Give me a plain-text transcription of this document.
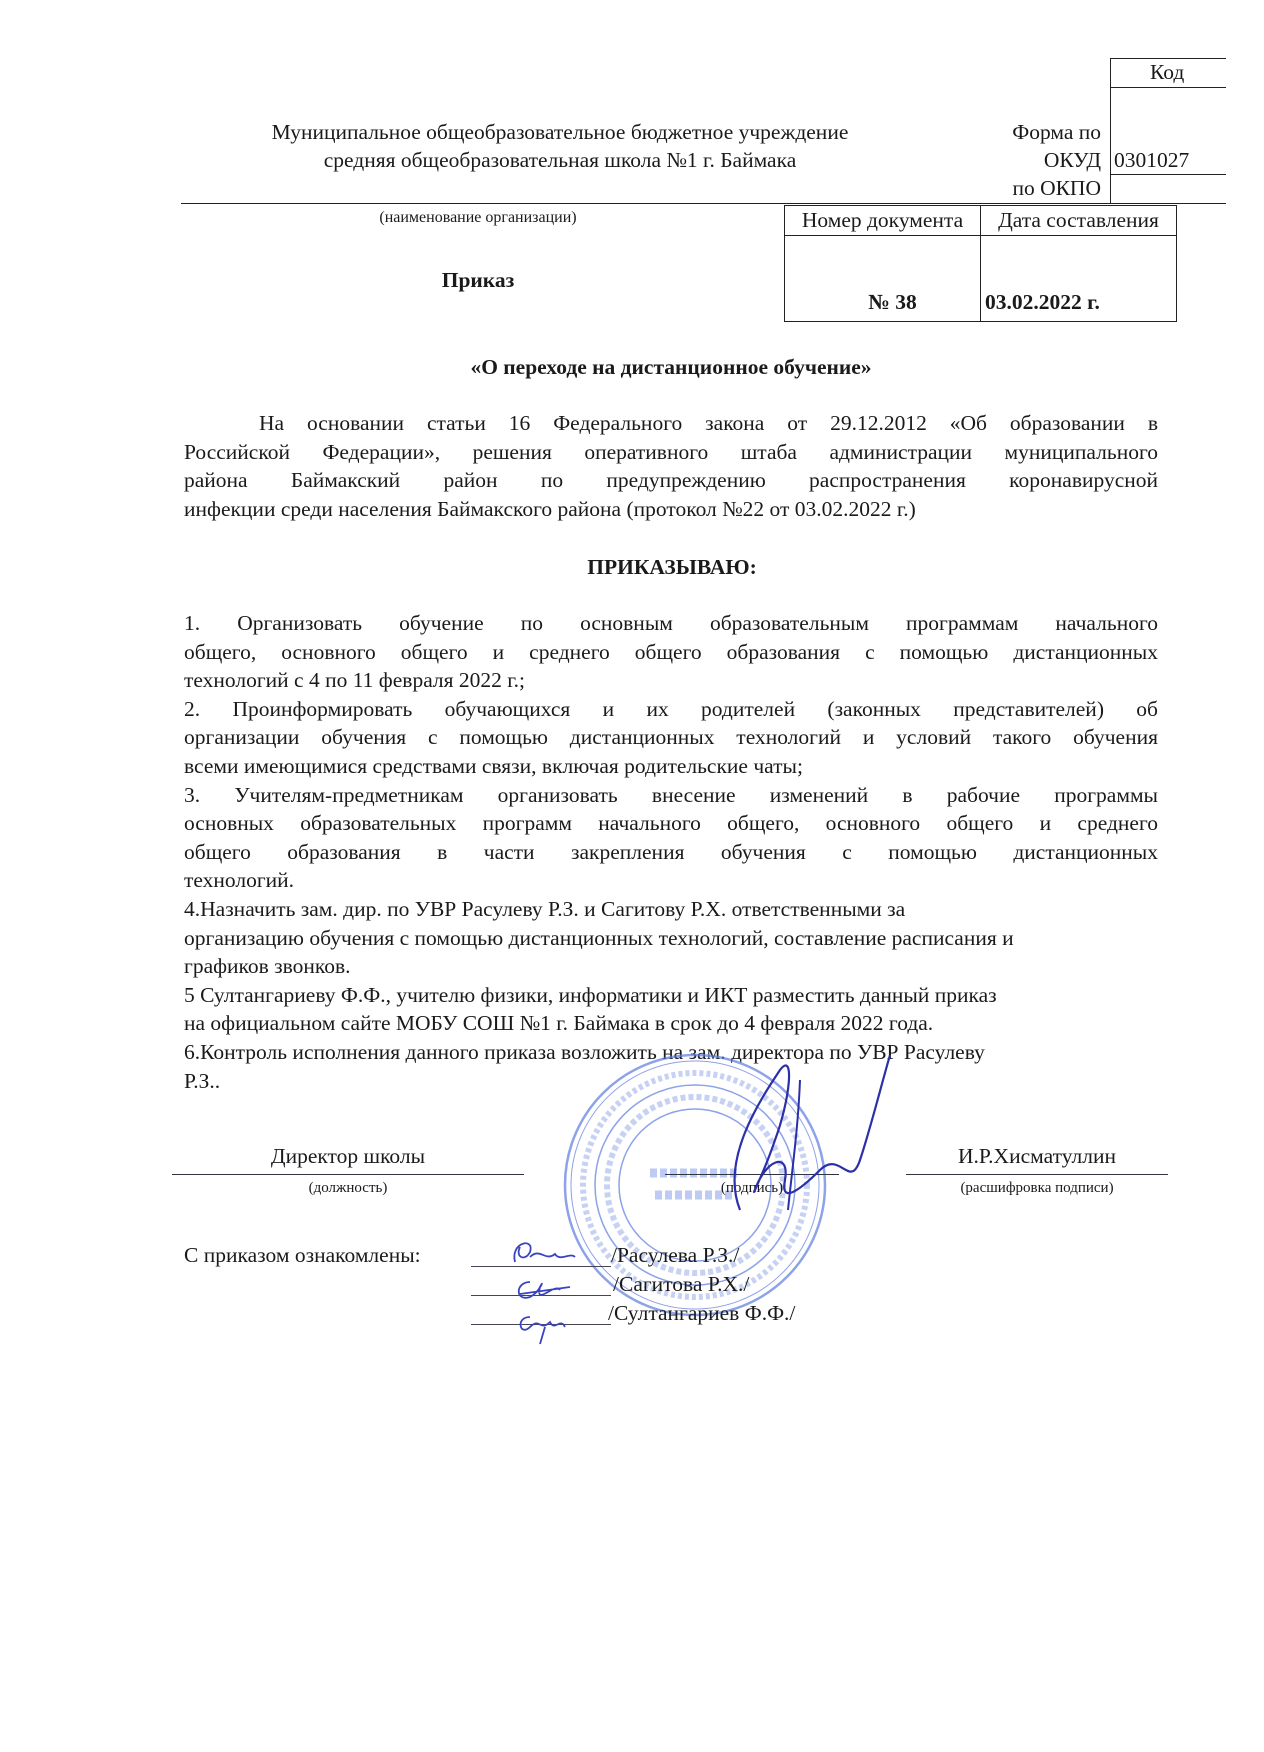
Код
Форма по
ОКУД
по ОКПО
0301027
Муниципальное общеобразовательное бюджетное учреждение
средняя общеобразовательная школа №1 г. Баймака
(наименование организации)	Номер документа	Дата составления
№ 38	03.02.2022 г.
Приказ
«О переходе на дистанционное обучение»
На основании статьи 16 Федерального закона от 29.12.2012 «Об образовании в
Российской Федерации», решения оперативного штаба администрации муниципального
района Баймакский район по предупреждению распространения коронавирусной
инфекции среди населения Баймакского района (протокол №22 от 03.02.2022 г.)
ПРИКАЗЫВАЮ:
1. Организовать обучение по основным образовательным программам начального
общего, основного общего и среднего общего образования с помощью дистанционных
технологий с 4 по 11 февраля 2022 г.;
2. Проинформировать обучающихся и их родителей (законных представителей) об
организации обучения с помощью дистанционных технологий и условий такого обучения
всеми имеющимися средствами связи, включая родительские чаты;
3. Учителям-предметникам организовать внесение изменений в рабочие программы
основных образовательных программ начального общего, основного общего и среднего
общего образования в части закрепления обучения с помощью дистанционных
технологий.
4.Назначить зам. дир. по УВР Расулеву Р.З. и Сагитову Р.Х. ответственными за
организацию обучения с помощью дистанционных технологий, составление расписания и
графиков звонков.
5 Султангариеву Ф.Ф., учителю физики, информатики и ИКТ разместить данный приказ
на официальном сайте МОБУ СОШ №1 г. Баймака в срок до 4 февраля 2022 года.
6.Контроль исполнения данного приказа возложить на зам. директора по УВР Расулеву
Р.З..
Директор школы
(должность)	(подпись)
И.Р.Хисматуллин
(расшифровка подписи)
С приказом ознакомлены:	/Расулева Р.З./
/Сагитова Р.Х./
/Султангариев Ф.Ф./
